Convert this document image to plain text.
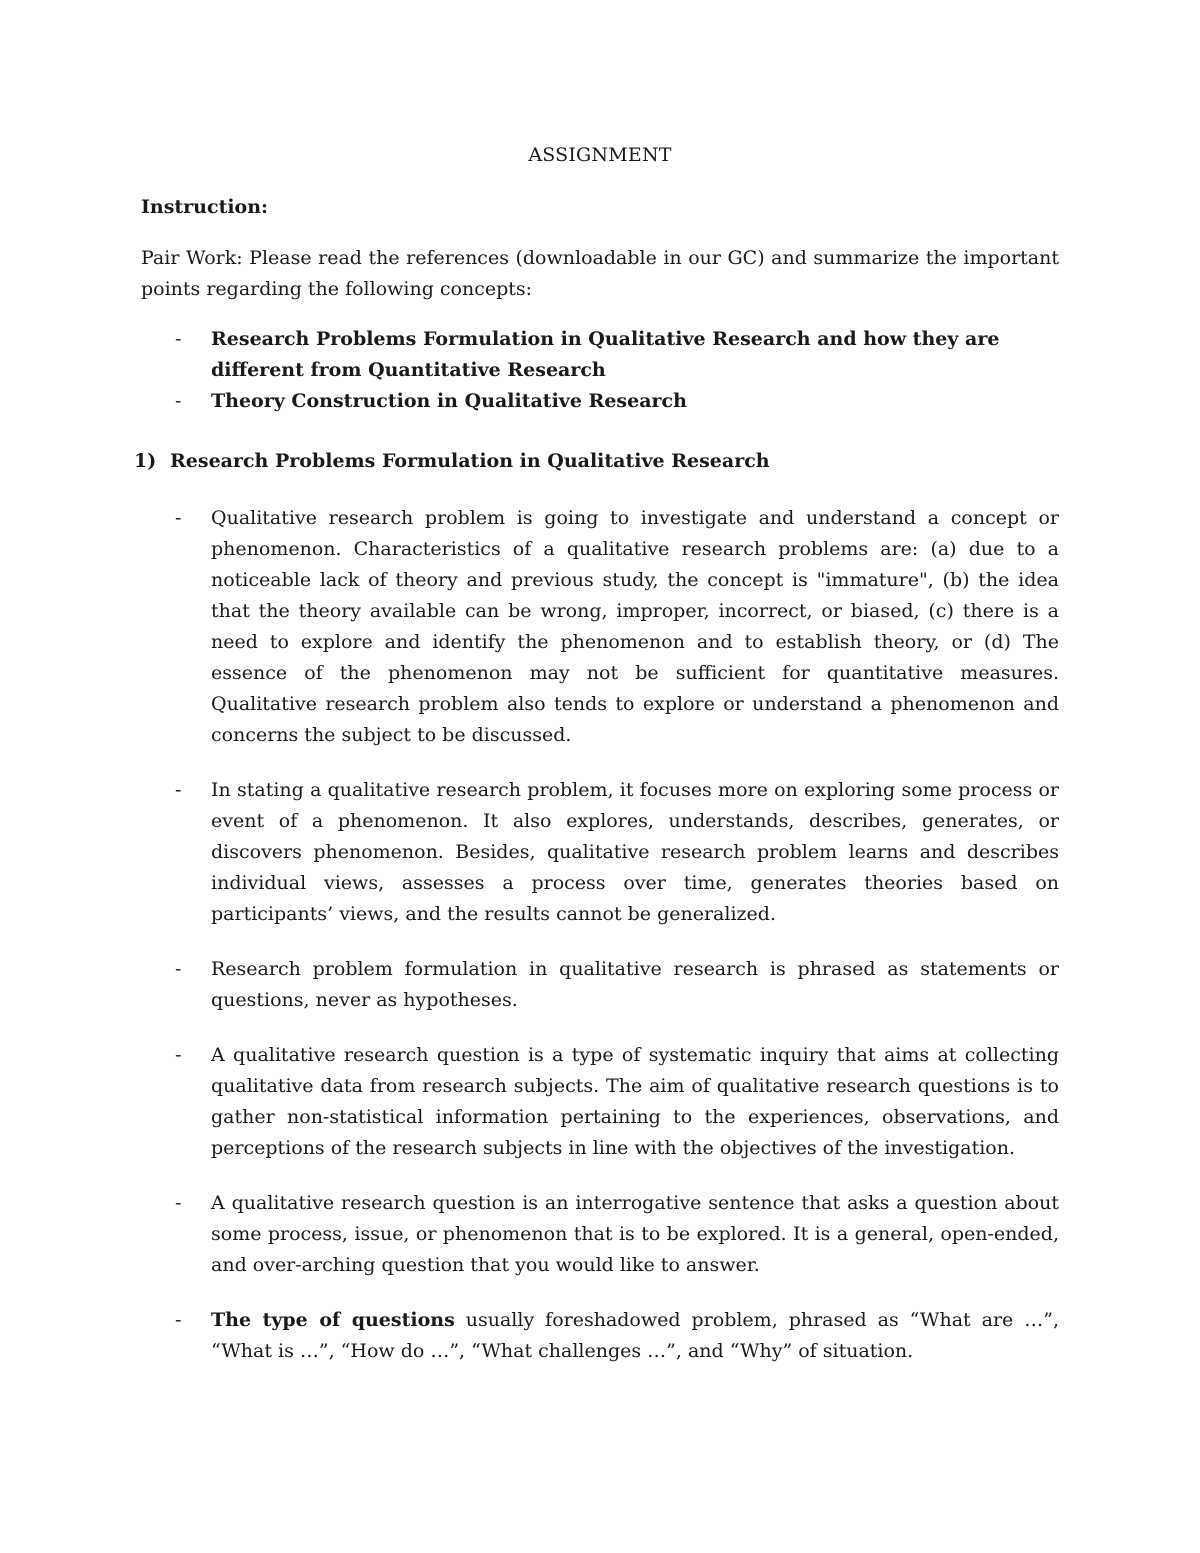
ASSIGNMENT
Instruction:
Pair Work: Please read the references (downloadable in our GC) and summarize the important points regarding the following concepts:
- Research Problems Formulation in Qualitative Research and how they are different from Quantitative Research
- Theory Construction in Qualitative Research
1) Research Problems Formulation in Qualitative Research
- Qualitative research problem is going to investigate and understand a concept or phenomenon. Characteristics of a qualitative research problems are: (a) due to a noticeable lack of theory and previous study, the concept is "immature", (b) the idea that the theory available can be wrong, improper, incorrect, or biased, (c) there is a need to explore and identify the phenomenon and to establish theory, or (d) The essence of the phenomenon may not be sufficient for quantitative measures. Qualitative research problem also tends to explore or understand a phenomenon and concerns the subject to be discussed.
- In stating a qualitative research problem, it focuses more on exploring some process or event of a phenomenon. It also explores, understands, describes, generates, or discovers phenomenon. Besides, qualitative research problem learns and describes individual views, assesses a process over time, generates theories based on participants’ views, and the results cannot be generalized.
- Research problem formulation in qualitative research is phrased as statements or questions, never as hypotheses.
- A qualitative research question is a type of systematic inquiry that aims at collecting qualitative data from research subjects. The aim of qualitative research questions is to gather non-statistical information pertaining to the experiences, observations, and perceptions of the research subjects in line with the objectives of the investigation.
- A qualitative research question is an interrogative sentence that asks a question about some process, issue, or phenomenon that is to be explored. It is a general, open-ended, and over-arching question that you would like to answer.
- The type of questions usually foreshadowed problem, phrased as “What are …”, “What is …”, “How do …”, “What challenges …”, and “Why” of situation.
